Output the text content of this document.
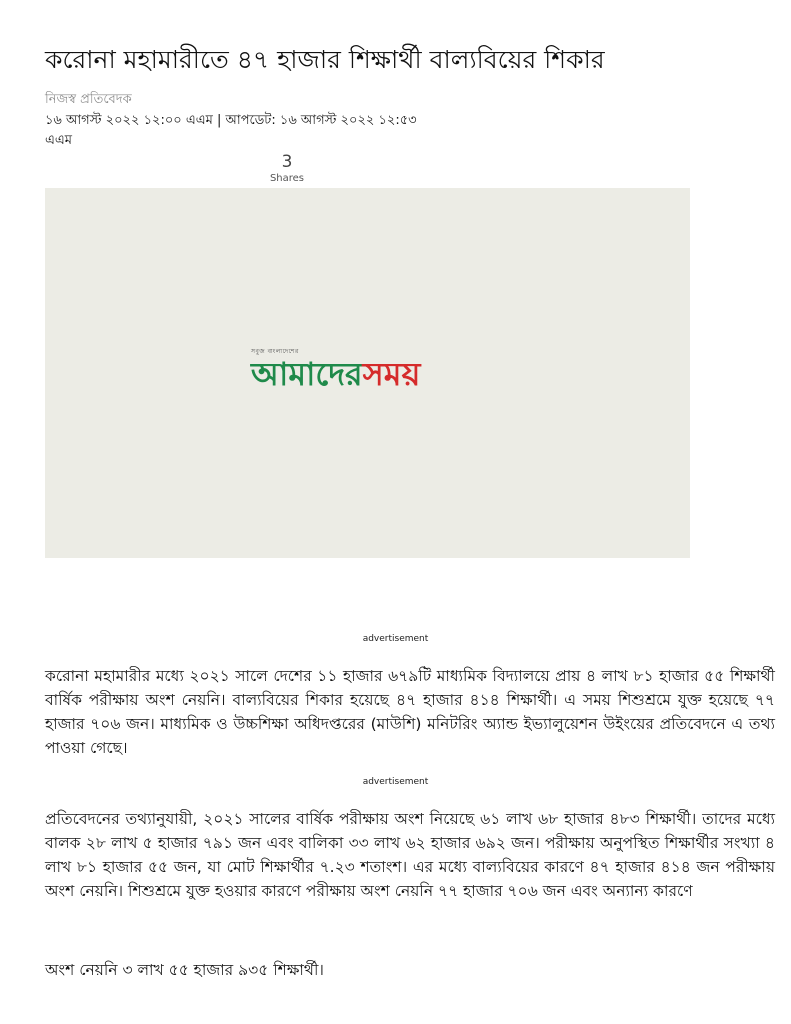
করোনা মহামারীতে ৪৭ হাজার শিক্ষার্থী বাল্যবিয়ের শিকার
নিজস্ব প্রতিবেদক
১৬ আগস্ট ২০২২ ১২:০০ এএম | আপডেট: ১৬ আগস্ট ২০২২ ১২:৫৩ এএম
3
Shares
সবুজ বাংলাদেশের
আমাদেরসময়
advertisement

করোনা মহামারীর মধ্যে ২০২১ সালে দেশের ১১ হাজার ৬৭৯টি মাধ্যমিক বিদ্যালয়ে প্রায় ৪ লাখ ৮১ হাজার ৫৫ শিক্ষার্থী বার্ষিক পরীক্ষায় অংশ নেয়নি। বাল্যবিয়ের শিকার হয়েছে ৪৭ হাজার ৪১৪ শিক্ষার্থী। এ সময় শিশুশ্রমে যুক্ত হয়েছে ৭৭ হাজার ৭০৬ জন। মাধ্যমিক ও উচ্চশিক্ষা অধিদপ্তরের (মাউশি) মনিটরিং অ্যান্ড ইভ্যালুয়েশন উইংয়ের প্রতিবেদনে এ তথ্য পাওয়া গেছে।

advertisement

প্রতিবেদনের তথ্যানুযায়ী, ২০২১ সালের বার্ষিক পরীক্ষায় অংশ নিয়েছে ৬১ লাখ ৬৮ হাজার ৪৮৩ শিক্ষার্থী। তাদের মধ্যে বালক ২৮ লাখ ৫ হাজার ৭৯১ জন এবং বালিকা ৩৩ লাখ ৬২ হাজার ৬৯২ জন। পরীক্ষায় অনুপস্থিত শিক্ষার্থীর সংখ্যা ৪ লাখ ৮১ হাজার ৫৫ জন, যা মোট শিক্ষার্থীর ৭.২৩ শতাংশ। এর মধ্যে বাল্যবিয়ের কারণে ৪৭ হাজার ৪১৪ জন পরীক্ষায় অংশ নেয়নি। শিশুশ্রমে যুক্ত হওয়ার কারণে পরীক্ষায় অংশ নেয়নি ৭৭ হাজার ৭০৬ জন এবং অন্যান্য কারণে

অংশ নেয়নি ৩ লাখ ৫৫ হাজার ৯৩৫ শিক্ষার্থী।
